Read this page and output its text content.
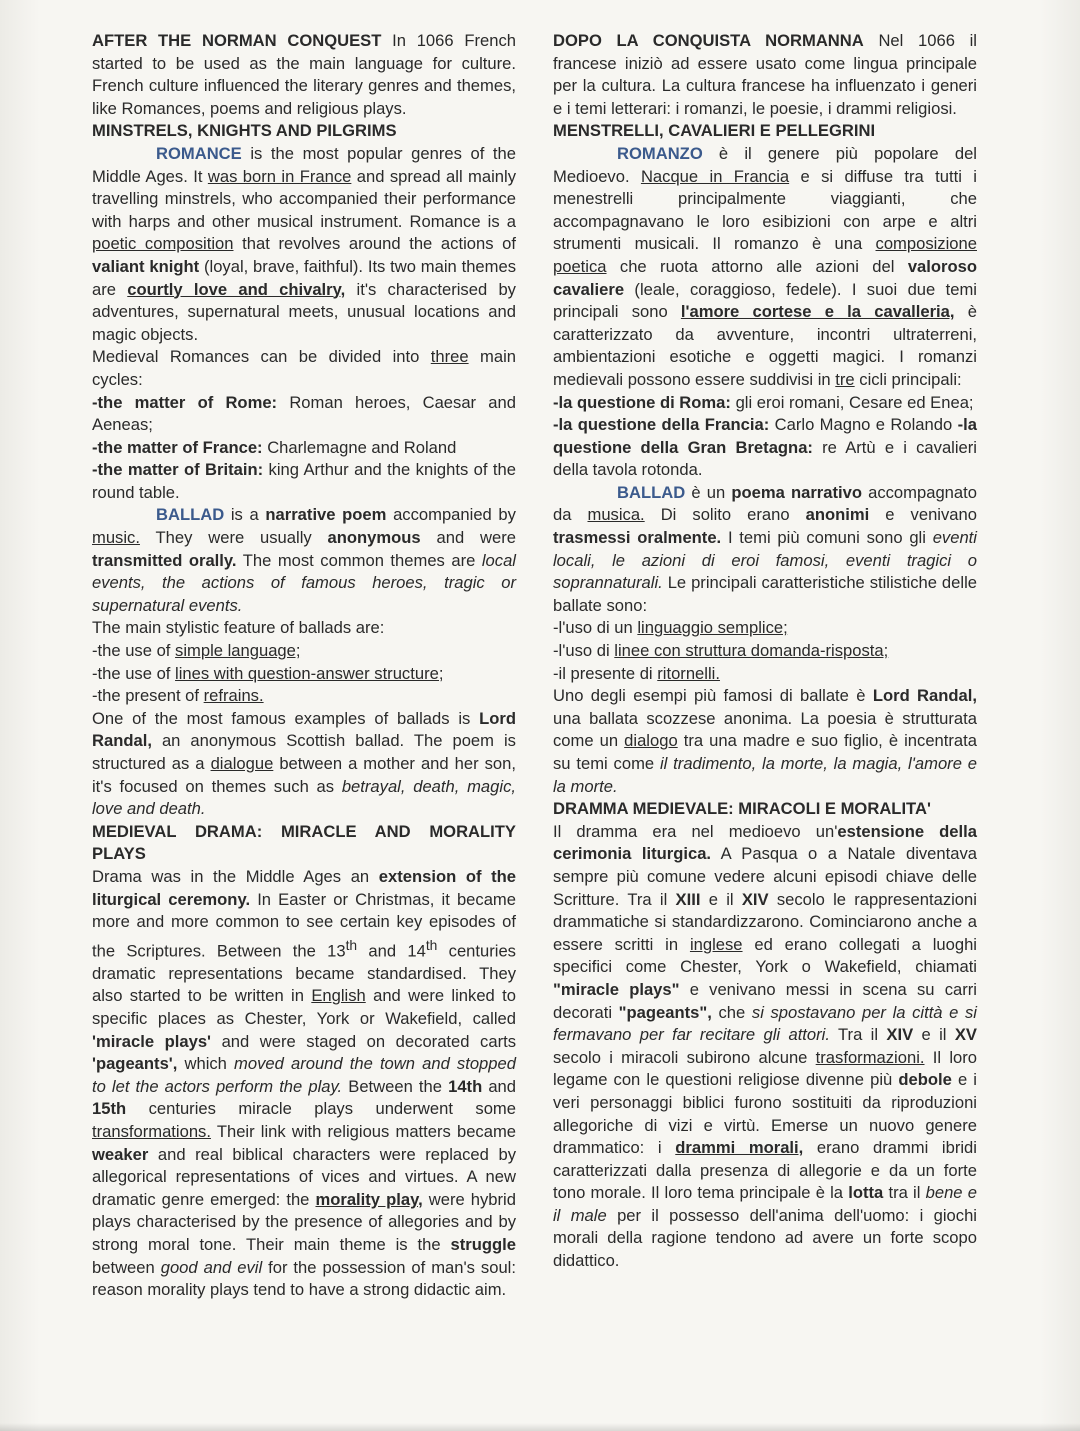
AFTER THE NORMAN CONQUEST In 1066 French started to be used as the main language for culture. French culture influenced the literary genres and themes, like Romances, poems and religious plays.

MINSTRELS, KNIGHTS AND PILGRIMS

ROMANCE is the most popular genres of the Middle Ages. It was born in France and spread all mainly travelling minstrels, who accompanied their performance with harps and other musical instrument. Romance is a poetic composition that revolves around the actions of valiant knight (loyal, brave, faithful). Its two main themes are courtly love and chivalry, it's characterised by adventures, supernatural meets, unusual locations and magic objects.

Medieval Romances can be divided into three main cycles:

-the matter of Rome: Roman heroes, Caesar and Aeneas;

-the matter of France: Charlemagne and Roland

-the matter of Britain: king Arthur and the knights of the round table.

BALLAD is a narrative poem accompanied by music. They were usually anonymous and were transmitted orally. The most common themes are local events, the actions of famous heroes, tragic or supernatural events.

The main stylistic feature of ballads are:

-the use of simple language;

-the use of lines with question-answer structure;

-the present of refrains.

One of the most famous examples of ballads is Lord Randal, an anonymous Scottish ballad. The poem is structured as a dialogue between a mother and her son, it's focused on themes such as betrayal, death, magic, love and death.

MEDIEVAL DRAMA: MIRACLE AND MORALITY PLAYS

Drama was in the Middle Ages an extension of the liturgical ceremony. In Easter or Christmas, it became more and more common to see certain key episodes of the Scriptures. Between the 13th and 14th centuries dramatic representations became standardised. They also started to be written in English and were linked to specific places as Chester, York or Wakefield, called 'miracle plays' and were staged on decorated carts 'pageants', which moved around the town and stopped to let the actors perform the play. Between the 14th and 15th centuries miracle plays underwent some transformations. Their link with religious matters became weaker and real biblical characters were replaced by allegorical representations of vices and virtues. A new dramatic genre emerged: the morality play, were hybrid plays characterised by the presence of allegories and by strong moral tone. Their main theme is the struggle between good and evil for the possession of man's soul: reason morality plays tend to have a strong didactic aim.

DOPO LA CONQUISTA NORMANNA Nel 1066 il francese iniziò ad essere usato come lingua principale per la cultura. La cultura francese ha influenzato i generi e i temi letterari: i romanzi, le poesie, i drammi religiosi.

MENSTRELLI, CAVALIERI E PELLEGRINI

ROMANZO è il genere più popolare del Medioevo. Nacque in Francia e si diffuse tra tutti i menestrelli principalmente viaggianti, che accompagnavano le loro esibizioni con arpe e altri strumenti musicali. Il romanzo è una composizione poetica che ruota attorno alle azioni del valoroso cavaliere (leale, coraggioso, fedele). I suoi due temi principali sono l'amore cortese e la cavalleria, è caratterizzato da avventure, incontri ultraterreni, ambientazioni esotiche e oggetti magici. I romanzi medievali possono essere suddivisi in tre cicli principali:

-la questione di Roma: gli eroi romani, Cesare ed Enea;

-la questione della Francia: Carlo Magno e Rolando -la questione della Gran Bretagna: re Artù e i cavalieri della tavola rotonda.

BALLAD è un poema narrativo accompagnato da musica. Di solito erano anonimi e venivano trasmessi oralmente. I temi più comuni sono gli eventi locali, le azioni di eroi famosi, eventi tragici o soprannaturali. Le principali caratteristiche stilistiche delle ballate sono:

-l'uso di un linguaggio semplice;

-l'uso di linee con struttura domanda-risposta;

-il presente di ritornelli.

Uno degli esempi più famosi di ballate è Lord Randal, una ballata scozzese anonima. La poesia è strutturata come un dialogo tra una madre e suo figlio, è incentrata su temi come il tradimento, la morte, la magia, l'amore e la morte.

DRAMMA MEDIEVALE: MIRACOLI E MORALITA'

Il dramma era nel medioevo un'estensione della cerimonia liturgica. A Pasqua o a Natale diventava sempre più comune vedere alcuni episodi chiave delle Scritture. Tra il XIII e il XIV secolo le rappresentazioni drammatiche si standardizzarono. Cominciarono anche a essere scritti in inglese ed erano collegati a luoghi specifici come Chester, York o Wakefield, chiamati "miracle plays" e venivano messi in scena su carri decorati "pageants", che si spostavano per la città e si fermavano per far recitare gli attori. Tra il XIV e il XV secolo i miracoli subirono alcune trasformazioni. Il loro legame con le questioni religiose divenne più debole e i veri personaggi biblici furono sostituiti da riproduzioni allegoriche di vizi e virtù. Emerse un nuovo genere drammatico: i drammi morali, erano drammi ibridi caratterizzati dalla presenza di allegorie e da un forte tono morale. Il loro tema principale è la lotta tra il bene e il male per il possesso dell'anima dell'uomo: i giochi morali della ragione tendono ad avere un forte scopo didattico.
